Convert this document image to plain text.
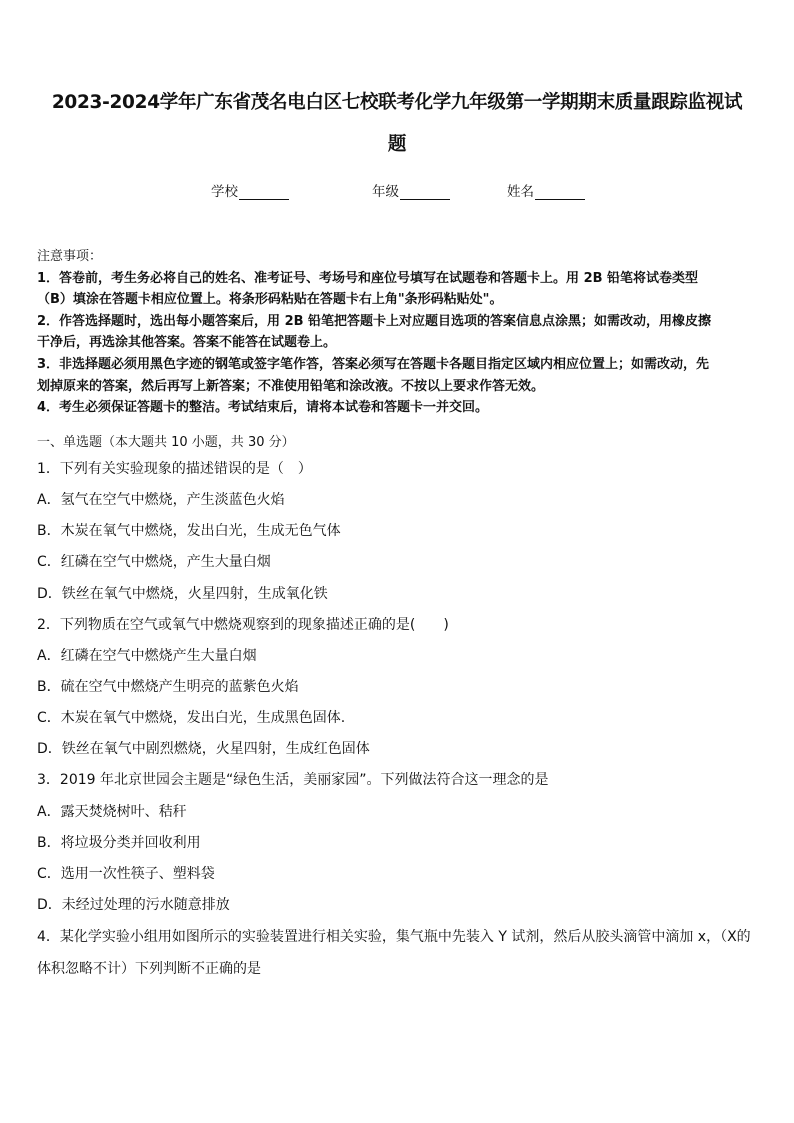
2023-2024学年广东省茂名电白区七校联考化学九年级第一学期期末质量跟踪监视试
题
学校	年级	姓名
注意事项：
1．答卷前，考生务必将自己的姓名、准考证号、考场号和座位号填写在试题卷和答题卡上。用 2B 铅笔将试卷类型
（B）填涂在答题卡相应位置上。将条形码粘贴在答题卡右上角"条形码粘贴处"。
2．作答选择题时，选出每小题答案后，用 2B 铅笔把答题卡上对应题目选项的答案信息点涂黑；如需改动，用橡皮擦
干净后，再选涂其他答案。答案不能答在试题卷上。
3．非选择题必须用黑色字迹的钢笔或签字笔作答，答案必须写在答题卡各题目指定区域内相应位置上；如需改动，先
划掉原来的答案，然后再写上新答案；不准使用铅笔和涂改液。不按以上要求作答无效。
4．考生必须保证答题卡的整洁。考试结束后，请将本试卷和答题卡一并交回。
一、单选题（本大题共 10 小题，共 30 分）
1．下列有关实验现象的描述错误的是（　）
A．氢气在空气中燃烧，产生淡蓝色火焰
B．木炭在氧气中燃烧，发出白光，生成无色气体
C．红磷在空气中燃烧，产生大量白烟
D．铁丝在氧气中燃烧，火星四射，生成氧化铁
2．下列物质在空气或氧气中燃烧观察到的现象描述正确的是(　　)
A．红磷在空气中燃烧产生大量白烟
B．硫在空气中燃烧产生明亮的蓝紫色火焰
C．木炭在氧气中燃烧，发出白光，生成黑色固体.
D．铁丝在氧气中剧烈燃烧，火星四射，生成红色固体
3．2019 年北京世园会主题是“绿色生活，美丽家园”。下列做法符合这一理念的是
A．露天焚烧树叶、秸秆
B．将垃圾分类并回收利用
C．选用一次性筷子、塑料袋
D．未经过处理的污水随意排放
4．某化学实验小组用如图所示的实验装置进行相关实验，集气瓶中先装入 Y 试剂，然后从胶头滴管中滴加 x，（X的
体积忽略不计）下列判断不正确的是
